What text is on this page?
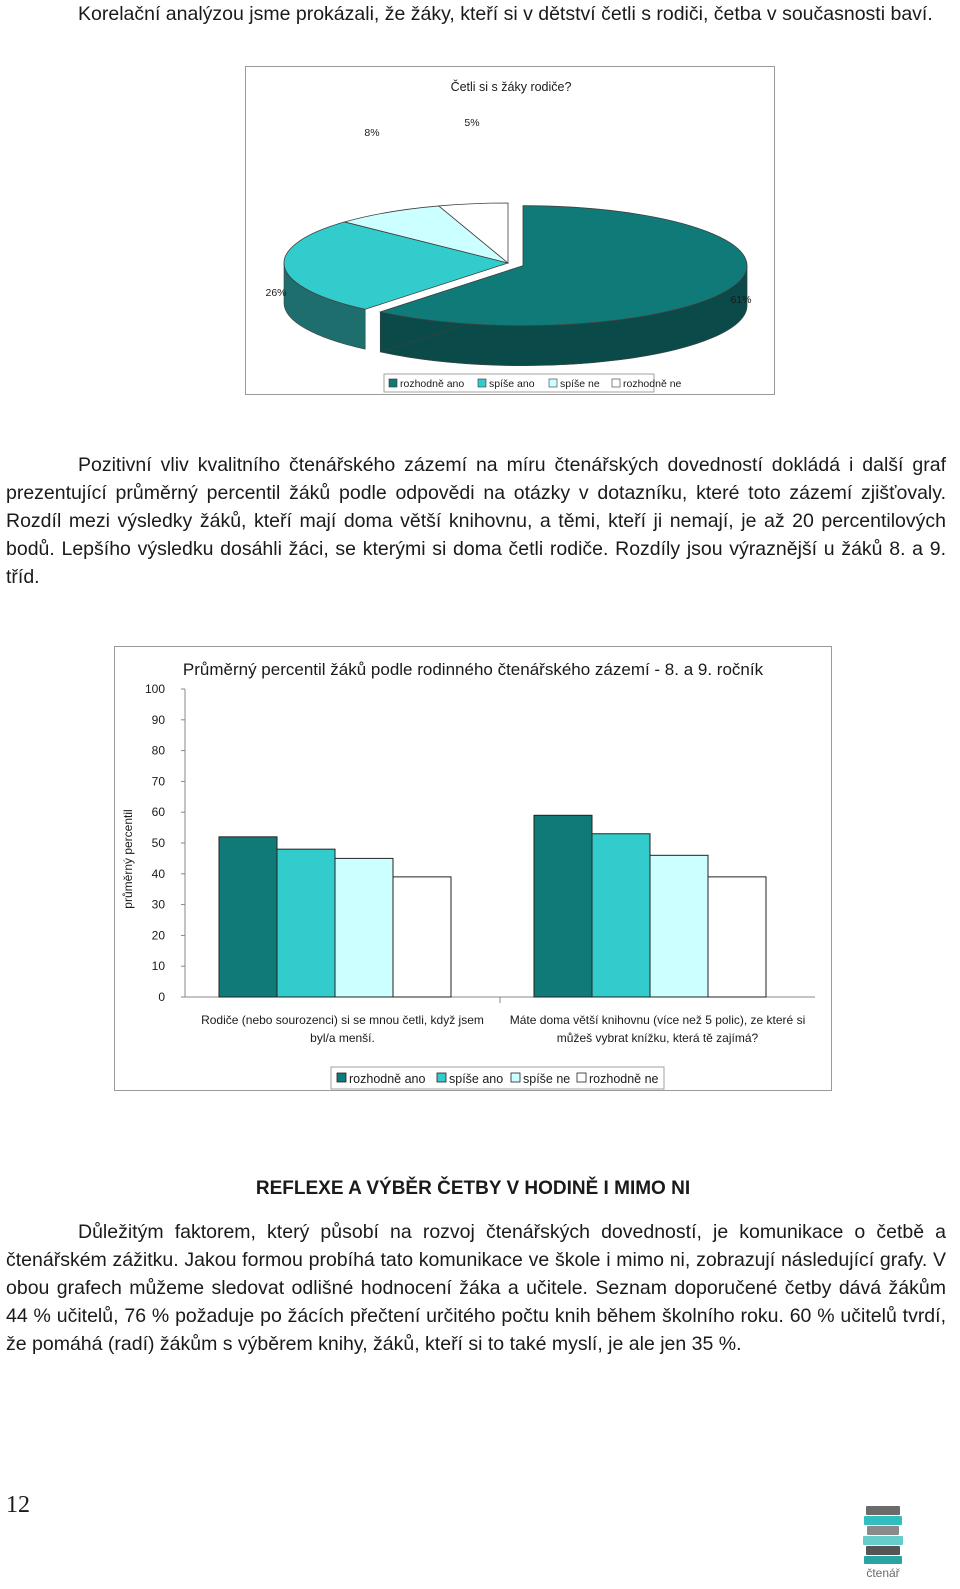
Korelační analýzou jsme prokázali, že žáky, kteří si v dětství četli s rodiči, četba v současnosti baví.
Četli si s žáky rodiče?
61%
26%
8%
5%
rozhodně ano spíše ano spíše ne rozhodně ne
Pozitivní vliv kvalitního čtenářského zázemí na míru čtenářských dovedností dokládá i další graf prezentující průměrný percentil žáků podle odpovědi na otázky v dotazníku, které toto zázemí zjišťovaly. Rozdíl mezi výsledky žáků, kteří mají doma větší knihovnu, a těmi, kteří ji nemají, je až 20 percentilových bodů. Lepšího výsledku dosáhli žáci, se kterými si doma četli rodiče. Rozdíly jsou výraznější u žáků 8. a 9. tříd.
Průměrný percentil žáků podle rodinného čtenářského zázemí - 8. a 9. ročník
průměrný percentil
0
10
20
30
40
50
60
70
80
90
100
Rodiče (nebo sourozenci) si se mnou četli, když jsem byl/a menší.
Máte doma větší knihovnu (více než 5 polic), ze které si můžeš vybrat knížku, která tě zajímá?
rozhodně ano spíše ano spíše ne rozhodně ne
REFLEXE A VÝBĚR ČETBY V HODINĚ I MIMO NI
Důležitým faktorem, který působí na rozvoj čtenářských dovedností, je komunikace o četbě a čtenářském zážitku. Jakou formou probíhá tato komunikace ve škole i mimo ni, zobrazují následující grafy. V obou grafech můžeme sledovat odlišné hodnocení žáka a učitele. Seznam doporučené četby dává žákům 44 % učitelů, 76 % požaduje po žácích přečtení určitého počtu knih během školního roku. 60 % učitelů tvrdí, že pomáhá (radí) žákům s výběrem knihy, žáků, kteří si to také myslí, je ale jen 35 %.
12
čtenář
